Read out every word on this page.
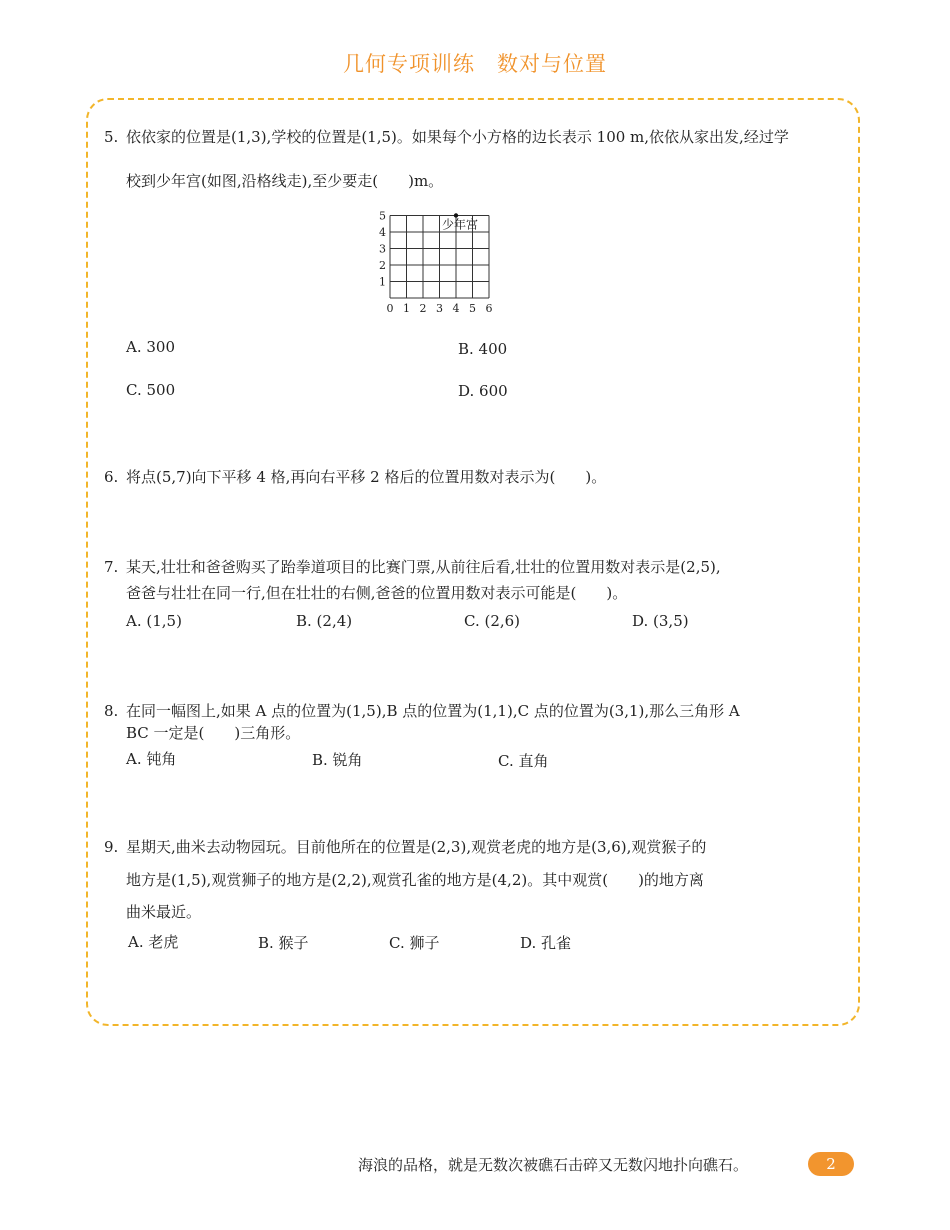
几何专项训练 数对与位置
5. 依依家的位置是(1,3),学校的位置是(1,5)。如果每个小方格的边长表示 100 m,依依从家出发,经过学
校到少年宫(如图,沿格线走),至少要走(　　)m。
1
2
3
4
5
0 1 2 3 4 5 6
少年宫
A. 300	B. 400
C. 500	D. 600
6. 将点(5,7)向下平移 4 格,再向右平移 2 格后的位置用数对表示为(　　)。
7. 某天,壮壮和爸爸购买了跆拳道项目的比赛门票,从前往后看,壮壮的位置用数对表示是(2,5),
爸爸与壮壮在同一行,但在壮壮的右侧,爸爸的位置用数对表示可能是(　　)。
A. (1,5)	B. (2,4)	C. (2,6)	D. (3,5)
8. 在同一幅图上,如果 A 点的位置为(1,5),B 点的位置为(1,1),C 点的位置为(3,1),那么三角形 A
BC 一定是(　　)三角形。
A. 钝角	B. 锐角	C. 直角
9. 星期天,曲米去动物园玩。目前他所在的位置是(2,3),观赏老虎的地方是(3,6),观赏猴子的
地方是(1,5),观赏狮子的地方是(2,2),观赏孔雀的地方是(4,2)。其中观赏(　　)的地方离
曲米最近。
A. 老虎	B. 猴子	C. 狮子	D. 孔雀
海浪的品格，就是无数次被礁石击碎又无数闪地扑向礁石。	2
